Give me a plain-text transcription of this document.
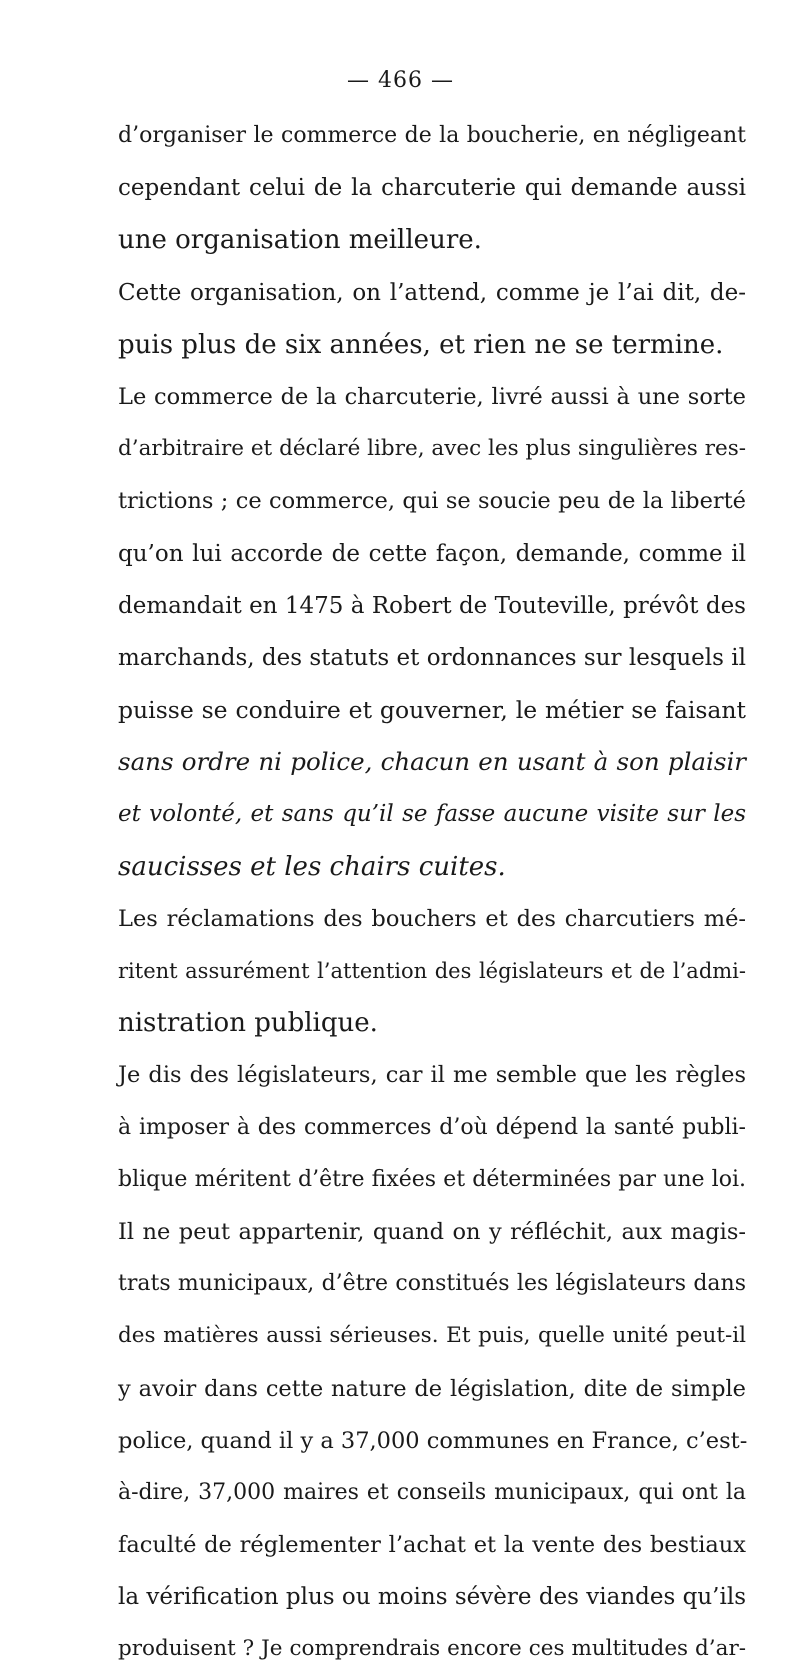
— 466 —
d’organiser le commerce de la boucherie, en négligeant
cependant celui de la charcuterie qui demande aussi
une organisation meilleure.
Cette organisation, on l’attend, comme je l’ai dit, de-
puis plus de six années, et rien ne se termine.
Le commerce de la charcuterie, livré aussi à une sorte
d’arbitraire et déclaré libre, avec les plus singulières res-
trictions ; ce commerce, qui se soucie peu de la liberté
qu’on lui accorde de cette façon, demande, comme il
demandait en 1475 à Robert de Touteville, prévôt des
marchands, des statuts et ordonnances sur lesquels il
puisse se conduire et gouverner, le métier se faisant
sans ordre ni police, chacun en usant à son plaisir
et volonté, et sans qu’il se fasse aucune visite sur les
saucisses et les chairs cuites.
Les réclamations des bouchers et des charcutiers mé-
ritent assurément l’attention des législateurs et de l’admi-
nistration publique.
Je dis des législateurs, car il me semble que les règles
à imposer à des commerces d’où dépend la santé publi-
blique méritent d’être fixées et déterminées par une loi.
Il ne peut appartenir, quand on y réfléchit, aux magis-
trats municipaux, d’être constitués les législateurs dans
des matières aussi sérieuses. Et puis, quelle unité peut-il
y avoir dans cette nature de législation, dite de simple
police, quand il y a 37,000 communes en France, c’est-
à-dire, 37,000 maires et conseils municipaux, qui ont la
faculté de réglementer l’achat et la vente des bestiaux
la vérification plus ou moins sévère des viandes qu’ils
produisent ? Je comprendrais encore ces multitudes d’ar-
